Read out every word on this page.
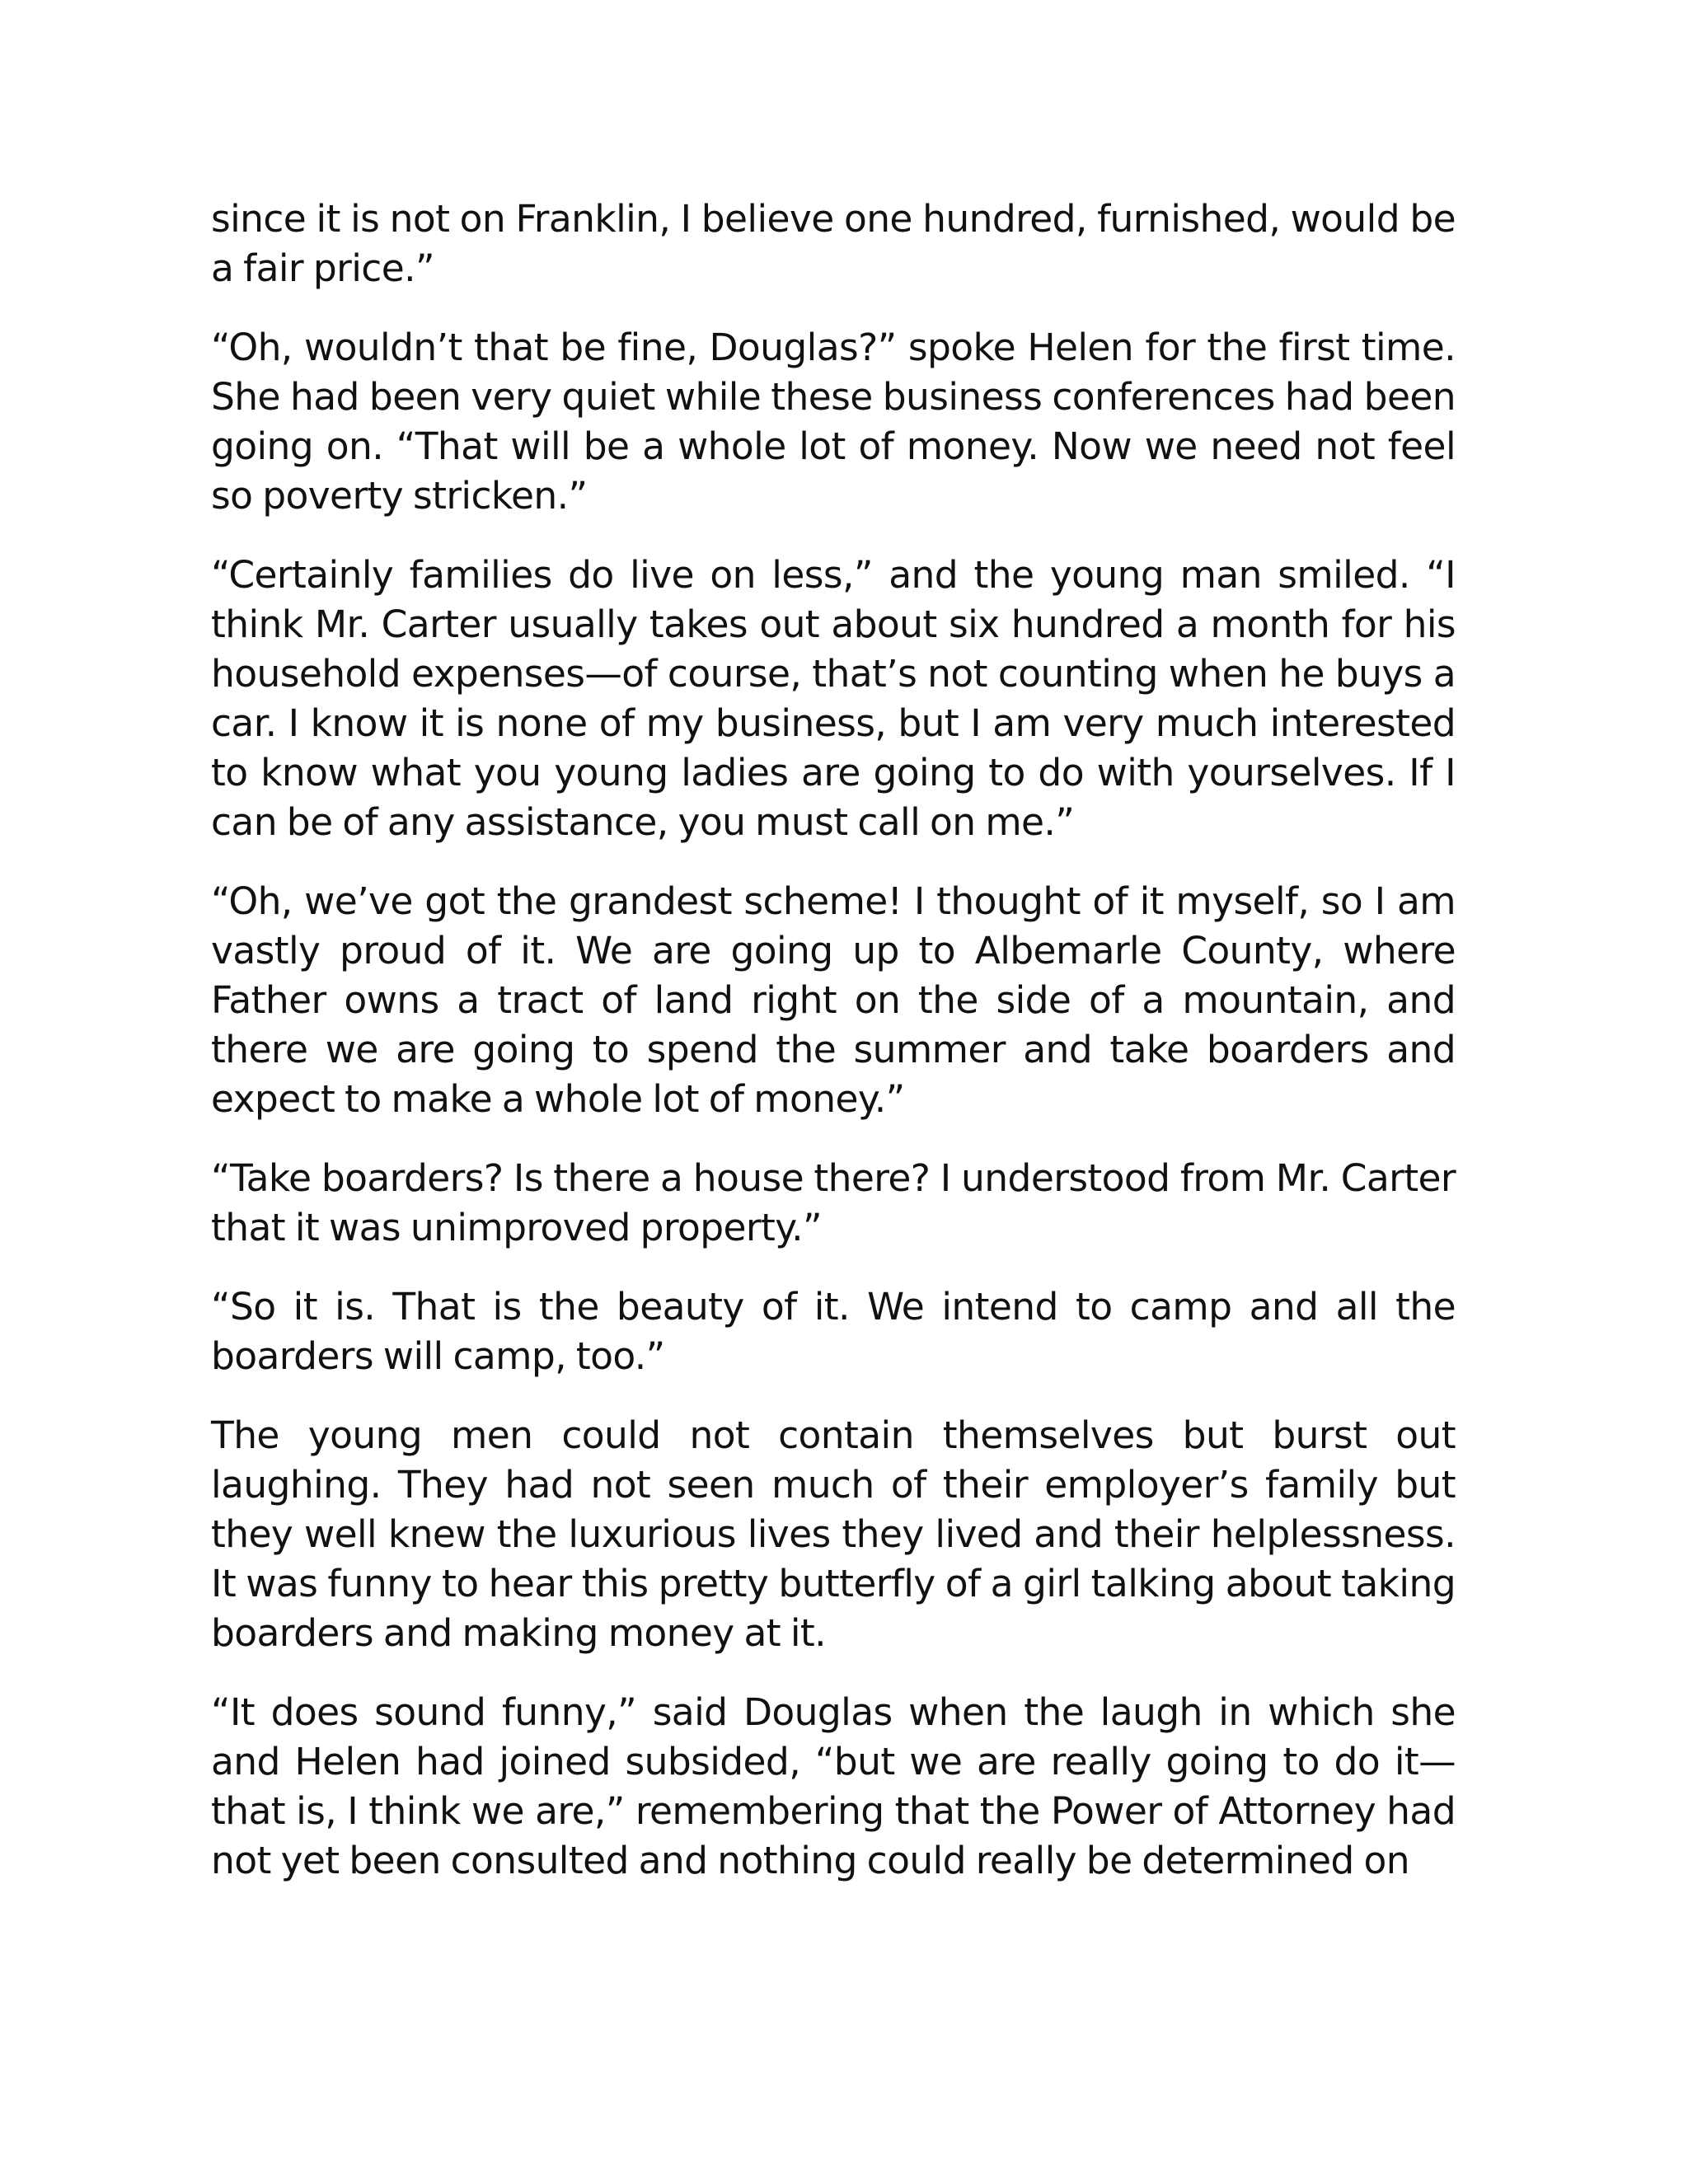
since it is not on Franklin, I believe one hundred, furnished, would be a fair price.”

“Oh, wouldn’t that be fine, Douglas?” spoke Helen for the first time. She had been very quiet while these business conferences had been going on. “That will be a whole lot of money. Now we need not feel so poverty stricken.”

“Certainly families do live on less,” and the young man smiled. “I think Mr. Carter usually takes out about six hundred a month for his household expenses—of course, that’s not counting when he buys a car. I know it is none of my business, but I am very much interested to know what you young ladies are going to do with yourselves. If I can be of any assistance, you must call on me.”

“Oh, we’ve got the grandest scheme! I thought of it myself, so I am vastly proud of it. We are going up to Albemarle County, where Father owns a tract of land right on the side of a mountain, and there we are going to spend the summer and take boarders and expect to make a whole lot of money.”

“Take boarders? Is there a house there? I understood from Mr. Carter that it was unimproved property.”

“So it is. That is the beauty of it. We intend to camp and all the boarders will camp, too.”

The young men could not contain themselves but burst out laughing. They had not seen much of their employer’s family but they well knew the luxurious lives they lived and their helplessness. It was funny to hear this pretty butterfly of a girl talking about taking boarders and making money at it.

“It does sound funny,” said Douglas when the laugh in which she and Helen had joined subsided, “but we are really going to do it—that is, I think we are,” remembering that the Power of Attorney had not yet been consulted and nothing could really be determined on
